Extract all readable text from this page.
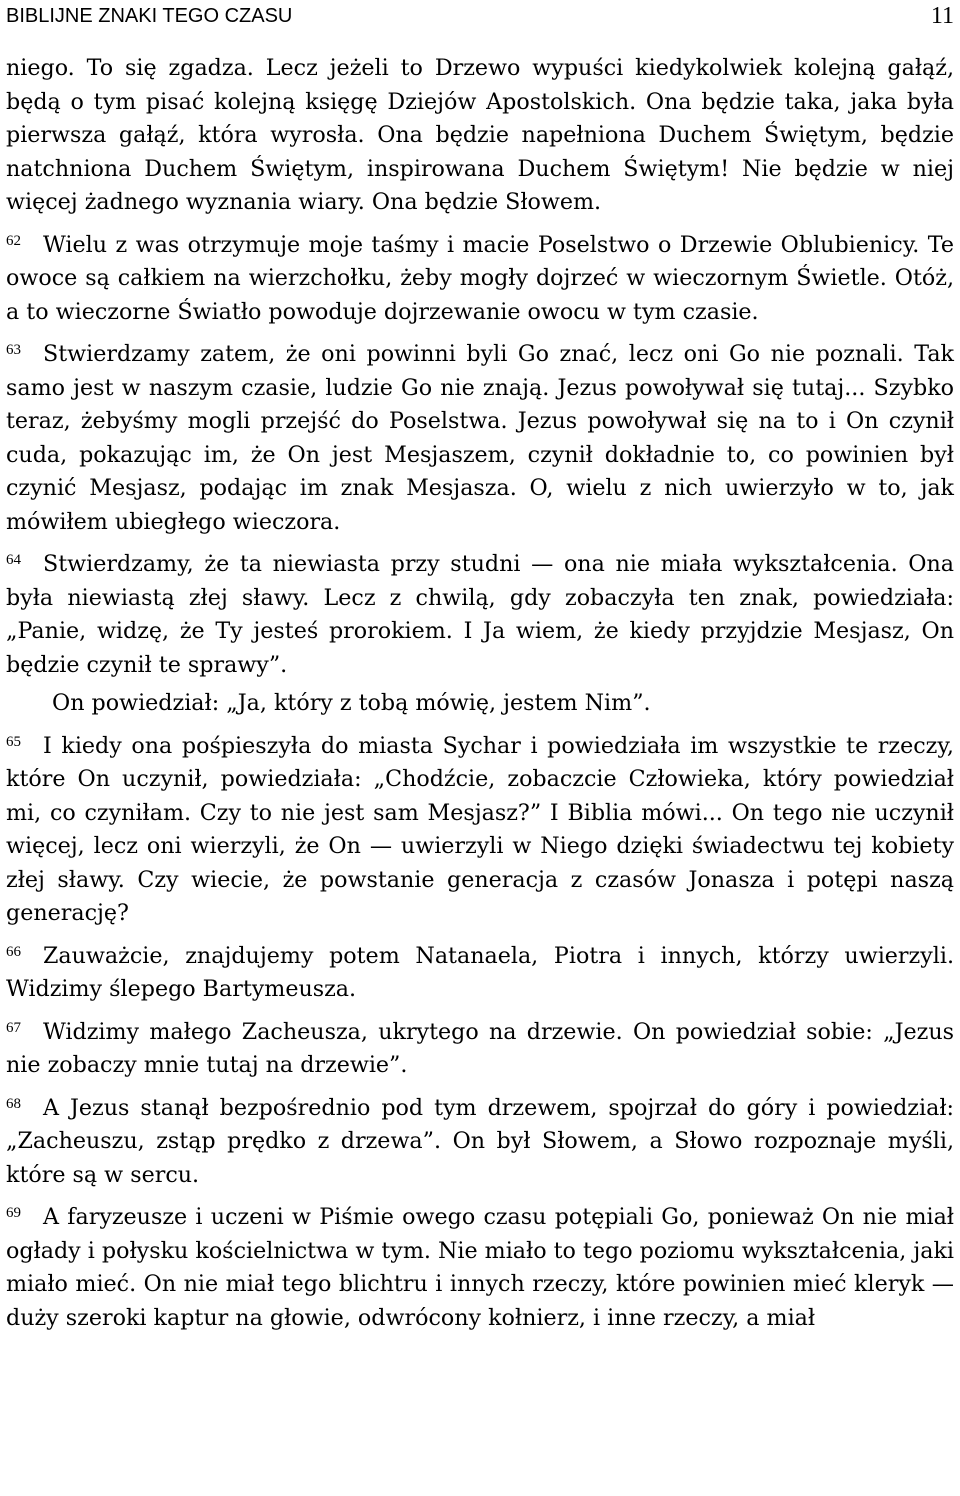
BIBLIJNE ZNAKI TEGO CZASU	11

niego. To się zgadza. Lecz jeżeli to Drzewo wypuści kiedykolwiek kolejną gałąź, będą o tym pisać kolejną księgę Dziejów Apostolskich. Ona będzie taka, jaka była pierwsza gałąź, która wyrosła. Ona będzie napełniona Duchem Świętym, będzie natchniona Duchem Świętym, inspirowana Duchem Świętym! Nie będzie w niej więcej żadnego wyznania wiary. Ona będzie Słowem.

$^{62}$ Wielu z was otrzymuje moje taśmy i macie Poselstwo o Drzewie Oblubienicy. Te owoce są całkiem na wierzchołku, żeby mogły dojrzeć w wieczornym Świetle. Otóż, a to wieczorne Światło powoduje dojrzewanie owocu w tym czasie.

$^{63}$ Stwierdzamy zatem, że oni powinni byli Go znać, lecz oni Go nie poznali. Tak samo jest w naszym czasie, ludzie Go nie znają. Jezus powoływał się tutaj... Szybko teraz, żebyśmy mogli przejść do Poselstwa. Jezus powoływał się na to i On czynił cuda, pokazując im, że On jest Mesjaszem, czynił dokładnie to, co powinien był czynić Mesjasz, podając im znak Mesjasza. O, wielu z nich uwierzyło w to, jak mówiłem ubiegłego wieczora.

$^{64}$ Stwierdzamy, że ta niewiasta przy studni — ona nie miała wykształcenia. Ona była niewiastą złej sławy. Lecz z chwilą, gdy zobaczyła ten znak, powiedziała: „Panie, widzę, że Ty jesteś prorokiem. I Ja wiem, że kiedy przyjdzie Mesjasz, On będzie czynił te sprawy”.

On powiedział: „Ja, który z tobą mówię, jestem Nim”.

$^{65}$ I kiedy ona pośpieszyła do miasta Sychar i powiedziała im wszystkie te rzeczy, które On uczynił, powiedziała: „Chodźcie, zobaczcie Człowieka, który powiedział mi, co czyniłam. Czy to nie jest sam Mesjasz?” I Biblia mówi... On tego nie uczynił więcej, lecz oni wierzyli, że On — uwierzyli w Niego dzięki świadectwu tej kobiety złej sławy. Czy wiecie, że powstanie generacja z czasów Jonasza i potępi naszą generację?

$^{66}$ Zauważcie, znajdujemy potem Natanaela, Piotra i innych, którzy uwierzyli. Widzimy ślepego Bartymeusza.

$^{67}$ Widzimy małego Zacheusza, ukrytego na drzewie. On powiedział sobie: „Jezus nie zobaczy mnie tutaj na drzewie”.

$^{68}$ A Jezus stanął bezpośrednio pod tym drzewem, spojrzał do góry i powiedział: „Zacheuszu, zstąp prędko z drzewa”. On był Słowem, a Słowo rozpoznaje myśli, które są w sercu.

$^{69}$ A faryzeusze i uczeni w Piśmie owego czasu potępiali Go, ponieważ On nie miał ogłady i połysku kościelnictwa w tym. Nie miało to tego poziomu wykształcenia, jaki miało mieć. On nie miał tego blichtru i innych rzeczy, które powinien mieć kleryk — duży szeroki kaptur na głowie, odwrócony kołnierz, i inne rzeczy, a miał
